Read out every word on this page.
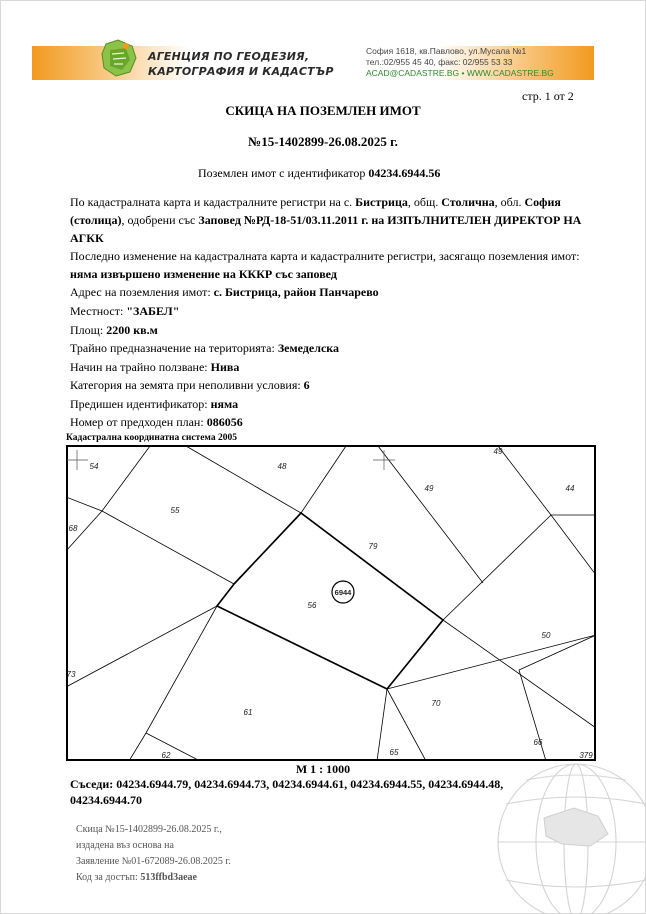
АГЕНЦИЯ ПО ГЕОДЕЗИЯ,
КАРТОГРАФИЯ И КАДАСТЪР
София 1618, кв.Павлово, ул.Мусала №1
тел.:02/955 45 40, факс: 02/955 53 33
ACAD@CADASTRE.BG • WWW.CADASTRE.BG
стр. 1 от 2
СКИЦА НА ПОЗЕМЛЕН ИМОТ
№15-1402899-26.08.2025 г.
Поземлен имот с идентификатор 04234.6944.56
По кадастралната карта и кадастралните регистри на с. Бистрица, общ. Столична, обл. София (столица), одобрени със Заповед №РД-18-51/03.11.2011 г. на ИЗПЪЛНИТЕЛЕН ДИРЕКТОР НА АГКК
Последно изменение на кадастралната карта и кадастралните регистри, засягащо поземления имот: няма извършено изменение на КККР със заповед
Адрес на поземления имот: с. Бистрица, район Панчарево
Местност: "ЗАБЕЛ"
Площ: 2200 кв.м
Трайно предназначение на територията: Земеделска
Начин на трайно ползване: Нива
Категория на земята при неполивни условия: 6
Предишен идентификатор: няма
Номер от предходен план: 086056
Кадастрална координатна система 2005
6944
54	48
49	44
49
68
55
79
56
50
73
61
70
66
62	65	379
М 1 : 1000
Съседи: 04234.6944.79, 04234.6944.73, 04234.6944.61, 04234.6944.55, 04234.6944.48, 04234.6944.70
Скица №15-1402899-26.08.2025 г.,
издадена въз основа на
Заявление №01-672089-26.08.2025 г.
Код за достъп: 513ffbd3aeae
